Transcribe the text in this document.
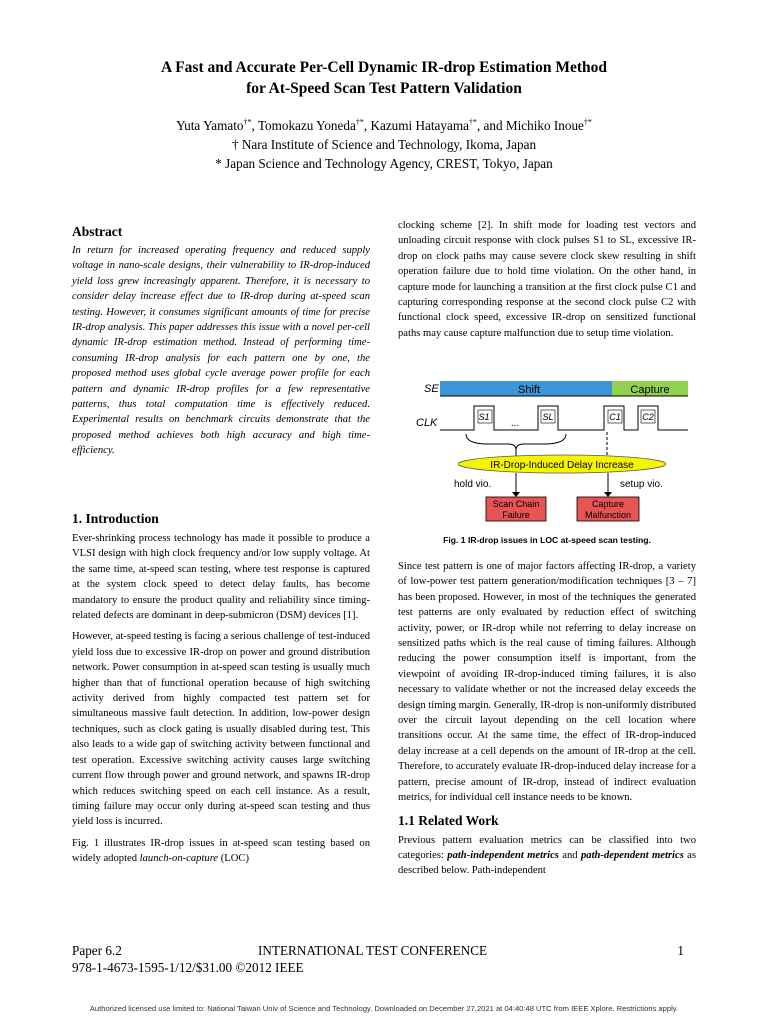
A Fast and Accurate Per-Cell Dynamic IR-drop Estimation Method
for At-Speed Scan Test Pattern Validation
Yuta Yamato†*, Tomokazu Yoneda†*, Kazumi Hatayama†*, and Michiko Inoue†*
† Nara Institute of Science and Technology, Ikoma, Japan
* Japan Science and Technology Agency, CREST, Tokyo, Japan
Abstract

In return for increased operating frequency and reduced supply voltage in nano-scale designs, their vulnerability to IR-drop-induced yield loss grew increasingly apparent. Therefore, it is necessary to consider delay increase effect due to IR-drop during at-speed scan testing. However, it consumes significant amounts of time for precise IR-drop analysis. This paper addresses this issue with a novel per-cell dynamic IR-drop estimation method. Instead of performing time-consuming IR-drop analysis for each pattern one by one, the proposed method uses global cycle average power profile for each pattern and dynamic IR-drop profiles for a few representative patterns, thus total computation time is effectively reduced. Experimental results on benchmark circuits demonstrate that the proposed method achieves both high accuracy and high time-efficiency.

1. Introduction

Ever-shrinking process technology has made it possible to produce a VLSI design with high clock frequency and/or low supply voltage. At the same time, at-speed scan testing, where test response is captured at the system clock speed to detect delay faults, has become mandatory to ensure the product quality and reliability since timing-related defects are dominant in deep-submicron (DSM) devices [1].

However, at-speed testing is facing a serious challenge of test-induced yield loss due to excessive IR-drop on power and ground distribution network. Power consumption in at-speed scan testing is usually much higher than that of functional operation because of high switching activity derived from highly compacted test pattern set for simultaneous massive fault detection. In addition, low-power design techniques, such as clock gating is usually disabled during test. This also leads to a wide gap of switching activity between functional and test operation. Excessive switching activity causes large switching current flow through power and ground network, and spawns IR-drop which reduces switching speed on each cell instance. As a result, timing failure may occur only during at-speed scan testing and thus yield loss is incurred.

Fig. 1 illustrates IR-drop issues in at-speed scan testing based on widely adopted launch-on-capture (LOC)

clocking scheme [2]. In shift mode for loading test vectors and unloading circuit response with clock pulses S1 to SL, excessive IR-drop on clock paths may cause severe clock skew resulting in shift operation failure due to hold time violation. On the other hand, in capture mode for launching a transition at the first clock pulse C1 and capturing corresponding response at the second clock pulse C2 with functional clock speed, excessive IR-drop on sensitized functional paths may cause capture malfunction due to setup time violation.

SE	Shift	Capture
CLK	S1
...
SL	C1 C2
IR-Drop-Induced Delay Increase
hold vio.	setup vio.
Scan Chain
Failure
Capture
Malfunction
Fig. 1 IR-drop issues in LOC at-speed scan testing.

Since test pattern is one of major factors affecting IR-drop, a variety of low-power test pattern generation/modification techniques [3 – 7] has been proposed. However, in most of the techniques the generated test patterns are only evaluated by reduction effect of switching activity, power, or IR-drop while not referring to delay increase on sensitized paths which is the real cause of timing failures. Although reducing the power consumption itself is important, from the viewpoint of avoiding IR-drop-induced timing failures, it is also necessary to validate whether or not the increased delay exceeds the design timing margin. Generally, IR-drop is non-uniformly distributed over the circuit layout depending on the cell location where transitions occur. At the same time, the effect of IR-drop-induced delay increase at a cell depends on the amount of IR-drop at the cell. Therefore, to accurately evaluate IR-drop-induced delay increase for a pattern, precise amount of IR-drop, instead of indirect evaluation metrics, for individual cell instance needs to be known.

1.1 Related Work

Previous pattern evaluation metrics can be classified into two categories: path-independent metrics and path-dependent metrics as described below. Path-independent

Paper 6.2	INTERNATIONAL TEST CONFERENCE	1
978-1-4673-1595-1/12/$31.00 ©2012 IEEE
Authorized licensed use limited to: National Taiwan Univ of Science and Technology. Downloaded on December 27,2021 at 04:40:48 UTC from IEEE Xplore. Restrictions apply.
